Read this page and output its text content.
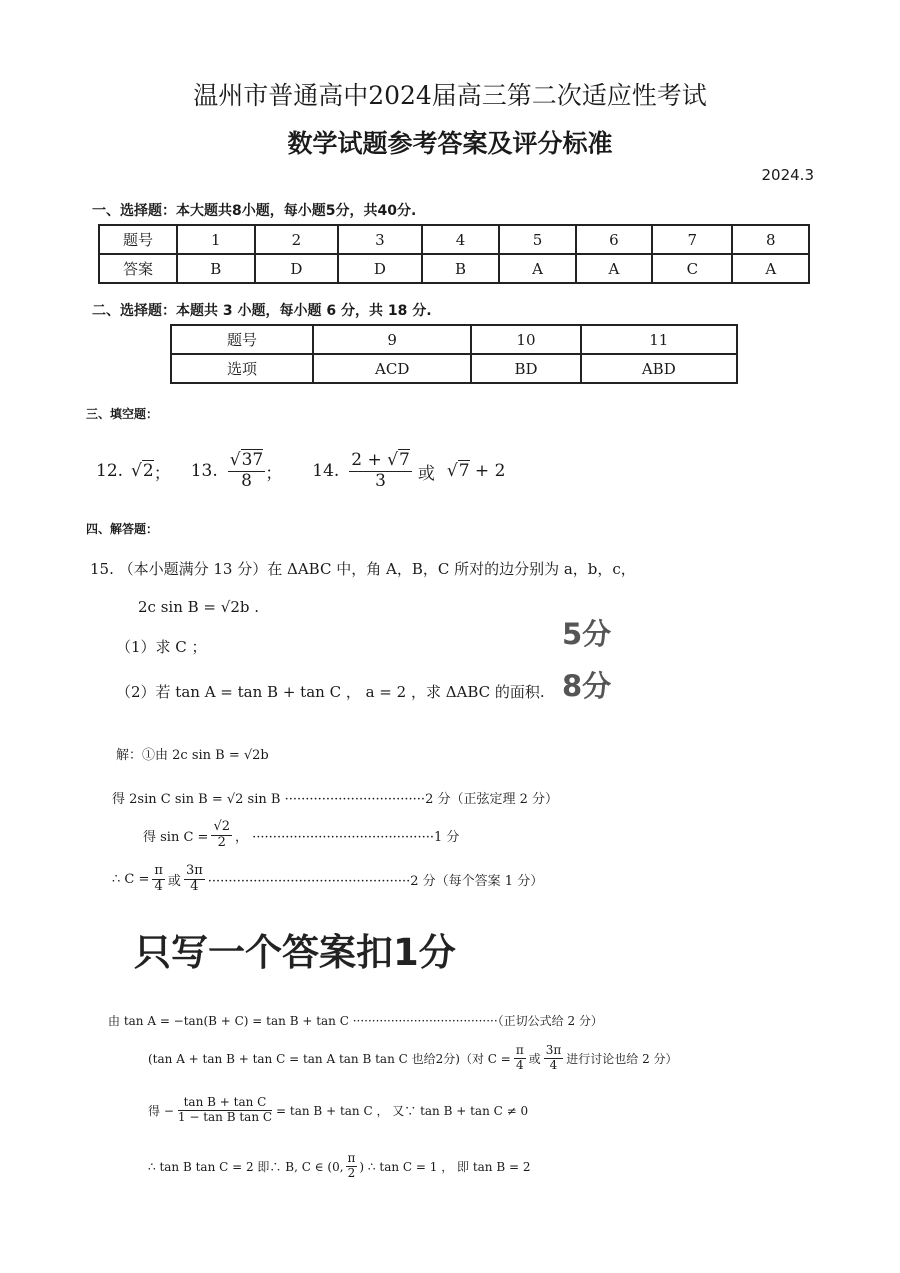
温州市普通高中2024届高三第二次适应性考试
数学试题参考答案及评分标准
2024.3
一、选择题：本大题共8小题，每小题5分，共40分.
题号	1	2	3	4	5	6	7	8
答案	B	D	D	B	A	A	C	A
二、选择题：本题共 3 小题，每小题 6 分，共 18 分.
题号	9	10	11
选项	ACD	BD	ABD
三、填空题：
12. √2 ； 13. $\frac{√37}{8}$ ； 14. $\frac{2 + √7}{3}$ 或 √7 + 2
四、解答题：
15. （本小题满分 13 分）在 ΔABC 中，角 A，B，C 所对的边分别为 a，b，c，
2c sin B = √2b .
（1）求 C ；
（2）若 tan A = tan B + tan C ， a = 2 ，求 ΔABC 的面积.
5分
8分
解：①由 2c sin B = √2b
得 2sin C sin B = √2 sin B ··································2 分（正弦定理 2 分）
得 $\sin C = \frac{√2}{2}$ ， ············································1 分
∴ $C = \frac{\pi}{4}$ 或 $\frac{3\pi}{4} \cdot\cdot\cdot\cdot\cdot\cdot\cdot\cdot\cdot\cdot\cdot\cdot\cdot\cdot\cdot\cdot\cdot\cdot\cdot\cdot\cdot\cdot\cdot\cdot\cdot\cdot\cdot\cdot\cdot\cdot\cdot\cdot\cdot\cdot\cdot\cdot\cdot\cdot\cdot\cdot\cdot\cdot\cdot\cdot\cdot\cdot\cdot\cdot\cdot 2$ 分（每个答案 1 分）
只写一个答案扣1分
由 tan A = −tan(B + C) = tan B + tan C ······································（正切公式给 2 分）
(tan A + tan B + tan C = tan A tan B tan C 也给2分)（对 $C = \frac{\pi}{4}$ 或 $\frac{3\pi}{4}$ 进行讨论也给 2 分）
得 − $\frac{\text{tan B + tan C}}{\text{1 − tan B tan C}} = \tan B + \tan C$ ， 又∵ tan B + tan C ≠ 0
∴ tan B tan C = 2 即∴ B, C ∈ (0, $\frac{\pi}{2}$ ) ∴ tan C = 1 ， 即 tan B = 2
